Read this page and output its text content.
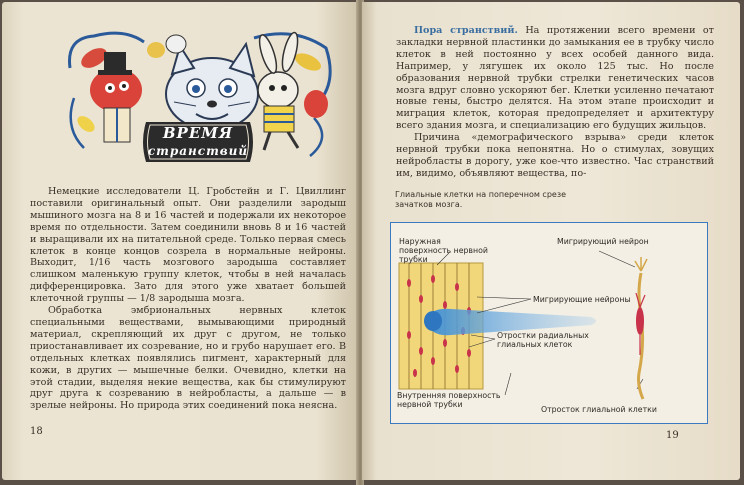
ВРЕМЯ
странствий

Немецкие исследователи Ц. Гробстейн и Г. Цвиллинг поставили оригинальный опыт. Они разделили зародыш мышиного мозга на 8 и 16 частей и подержали их некоторое время по отдельности. Затем соединили вновь 8 и 16 частей и выращивали их на питательной среде. Только первая смесь клеток в конце концов созрела в нормальные нейроны. Выходит, 1/16 часть мозгового зародыша составляет слишком маленькую группу клеток, чтобы в ней началась дифференцировка. Зато для этого уже хватает большей клеточной группы — 1/8 зародыша мозга.

Обработка эмбриональных нервных клеток специальными веществами, вымывающими природный материал, скрепляющий их друг с другом, не только приостанавливает их созревание, но и грубо нарушает его. В отдельных клетках появлялись пигмент, характерный для кожи, в других — мышечные белки. Очевидно, клетки на этой стадии, выделяя некие вещества, как бы стимулируют друг друга к созреванию в нейробласты, а дальше — в зрелые нейроны. Но природа этих соединений пока неясна.

18

Пора странствий. На протяжении всего времени от закладки нервной пластинки до замыкания ее в трубку число клеток в ней постоянно у всех особей данного вида. Например, у лягушек их около 125 тыс. Но после образования нервной трубки стрелки генетических часов мозга вдруг словно ускоряют бег. Клетки усиленно печатают новые гены, быстро делятся. На этом этапе происходит и миграция клеток, которая предопределяет и архитектуру всего здания мозга, и специализацию его будущих жильцов.

Причина «демографического взрыва» среди клеток нервной трубки пока непонятна. Но о стимулах, зовущих нейробласты в дорогу, уже кое-что известно. Час странствий им, видимо, объявляют вещества, по-

Глиальные клетки на поперечном срезе зачатков мозга.
Наружная поверхность нервной трубки
Мигрирующий нейрон
Мигрирующие нейроны
Отростки радиальных глиальных клеток
Внутренняя поверхность нервной трубки
Отросток глиальной клетки
19
